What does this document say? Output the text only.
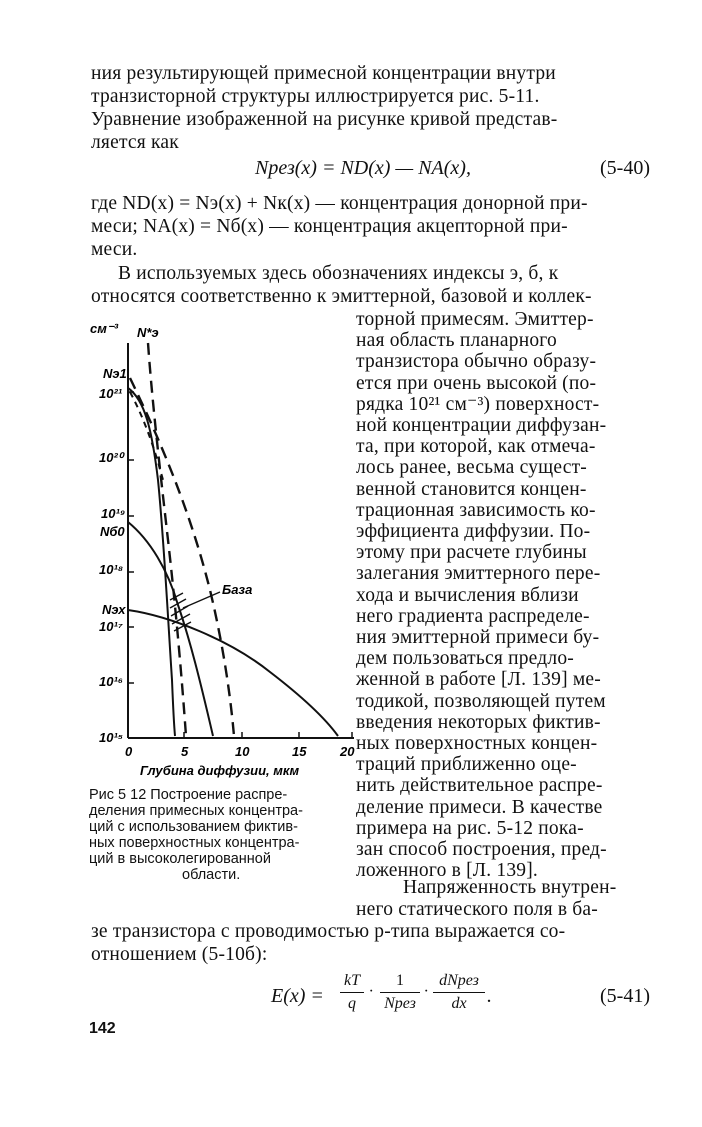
ния результирующей примесной концентрации внутри
транзисторной структуры иллюстрируется рис. 5-11.
Уравнение изображенной на рисунке кривой представ-
ляется как
Nрез(x) = ND(x) — NA(x),	(5-40)
где ND(x) = Nэ(x) + Nк(x) — концентрация донорной при-
меси; NA(x) = Nб(x) — концентрация акцепторной при-
меси.
В используемых здесь обозначениях индексы э, б, к
относятся соответственно к эмиттерной, базовой и коллек-
торной примесям. Эмиттер-
ная область планарного
транзистора обычно образу-
ется при очень высокой (по-
рядка 10²¹ см⁻³) поверхност-
ной концентрации диффузан-
та, при которой, как отмеча-
лось ранее, весьма сущест-
венной становится концен-
трационная зависимость ко-
эффициента диффузии. По-
этому при расчете глубины
залегания эмиттерного пере-
хода и вычисления вблизи
него градиента распределе-
ния эмиттерной примеси бу-
дем пользоваться предло-
женной в работе [Л. 139] ме-
тодикой, позволяющей путем
введения некоторых фиктив-
ных поверхностных концен-
траций приближенно оце-
нить действительное распре-
деление примеси. В качестве
примера на рис. 5-12 пока-
зан способ построения, пред-
ложенного в [Л. 139].
Напряженность внутрен-
него статического поля в ба-
зе транзистора с проводимостью p-типа выражается со-
отношением (5-10б):
E(x) =
kT
q
·
1
Nрез
·
dNрез
dx	.	(5-41)
142
см⁻³ N*э
Nэ1
10²¹
10²⁰
10¹⁹
Nб0
10¹⁸
Nэх
10¹⁷
10¹⁶
10¹⁵
0	5	10	15	20
Глубина диффузии, мкм
База
Рис 5 12 Построение распре-
деления примесных концентра-
ций с использованием фиктив-
ных поверхностных концентра-
ций в высоколегированной
области.
